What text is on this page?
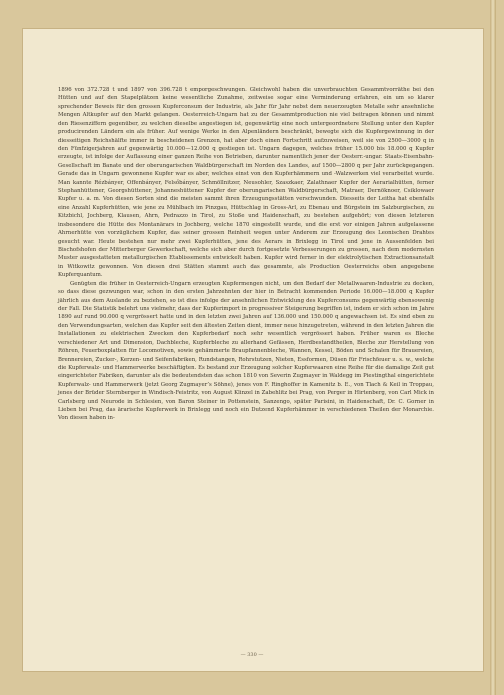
1896 von 372.728 t und 1897 von 396.728 t emporgeschwungen. Gleichwohl haben die unverbrauchten Gesammtvorräthe bei den Hütten und auf den Stapelplätzen keine wesentliche Zunahme, zeitweise sogar eine Verminderung erfahren, ein um so klarer sprechender Beweis für den grossen Kupferconsum der Industrie, als Jahr für Jahr nebst dem neuerzeugten Metalle sehr ansehnliche Mengen Altkupfer auf den Markt gelangen. Oesterreich-Ungarn hat zu der Gesammtproduction nie viel beitragen können und nimmt den Riesenziffern gegenüber, zu welchen dieselbe angestiegen ist, gegenwärtig eine noch untergeordnetere Stellung unter den Kupfer producirenden Ländern ein als früher. Auf wenige Werke in den Alpenländern beschränkt, bewegte sich die Kupfergewinnung in der diesseitigen Reichshälfte immer in bescheidenen Grenzen, hat aber doch einen Fortschritt aufzuweisen, weil sie von 2500—3000 q in den Fünfzigerjahren auf gegenwärtig 10.000—12.000 q gestiegen ist. Ungarn dagegen, welches früher 15.000 bis 18.000 q Kupfer erzeugte, ist infolge der Auflassung einer ganzen Reihe von Betrieben, darunter namentlich jener der Oesterr.-ungar. Staats-Eisenbahn-Gesellschaft im Banate und der oberungarischen Waldbürgerschaft im Norden des Landes, auf 1500—2800 q per Jahr zurückgegangen. Gerade das in Ungarn gewonnene Kupfer war es aber, welches einst von den Kupferhämmern und -Walzwerken viel verarbeitet wurde. Man kannte Rézbányer, Offenbányer, Felsőbányer, Schmöllnitzer, Neusohler, Szaszkaer, Zalathnaer Kupfer der Aerarialhütten, ferner Stephanhüttener, Georgshüttener, Johanneshüttener Kupfer der oberungarischen Waldbürgerschaft, Matraer, Dernöknoer, Csiklowaer Kupfer u. a. m. Von diesen Sorten sind die meisten sammt ihren Erzeugungsstätten verschwunden. Diesseits der Leitha hat ebenfalls eine Anzahl Kupferhütten, wie jene zu Mühlbach im Pinzgau, Hüttschlag in Gross-Arl, zu Ebenau und Bürgstein im Salzburgischen, zu Kitzbichl, Jochberg, Klausen, Ahrn, Pedrazzo in Tirol, zu Stoße und Haidenschaft, zu bestehen aufgehört; von diesen letzteren insbesondere die Hütte des Montanärars in Jochberg, welche 1870 eingestellt wurde, und die erst vor einigen Jahren aufgelassene Ahrnerhütte von vorzüglichem Kupfer, das seiner grossen Reinheit wegen unter Anderem zur Erzeugung des Leonischen Drahtes gesucht war. Heute bestehen nur mehr zwei Kupferhütten, jene des Aerars in Brixlegg in Tirol und jene in Aussenfelden bei Bischofshofen der Mitterberger Gewerkschaft, welche sich aber durch fortgesetzte Verbesserungen zu grossen, nach dem modernsten Muster ausgestatteten metallurgischen Etablissements entwickelt haben. Kupfer wird ferner in der elektrolytischen Extractionsanstalt in Witkowitz gewonnen. Von diesen drei Stätten stammt auch das gesammte, als Production Oesterreichs oben angegebene Kupferquantum.

Genügten die früher in Oesterreich-Ungarn erzeugten Kupfermengen nicht, um den Bedarf der Metallwaaren-Industrie zu decken, so dass diese gezwungen war, schon in den ersten Jahrzehnten der hier in Betracht kommenden Periode 16.000—18.000 q Kupfer jährlich aus dem Auslande zu beziehen, so ist dies infolge der ansehnlichen Entwicklung des Kupferconsums gegenwärtig ebensowenig der Fall. Die Statistik belehrt uns vielmehr, dass der Kupferimport in progressiver Steigerung begriffen ist, indem er sich schon im Jahre 1890 auf rund 90.000 q vergrössert hatte und in den letzten zwei Jahren auf 136.000 und 150.000 q angewachsen ist. Es sind eben zu den Verwendungsarten, welchen das Kupfer seit den ältesten Zeiten dient, immer neue hinzugetreten, während in den letzten Jahren die Installationen zu elektrischen Zwecken den Kupferbedarf noch sehr wesentlich vergrössert haben. Früher waren es Bleche verschiedener Art und Dimension, Dachbleche, Kupferbleche zu allerhand Gefässen, Herdbestandtheilen, Bleche zur Herstellung von Röhren, Feuerboxplatten für Locomotiven, sowie gehämmerte Braupfannenbleche, Wannen, Kessel, Böden und Schalen für Brauereien, Brennereien, Zucker-, Kerzen- und Seifenfabriken, Rundstangen, Rohrstutzen, Nieten, Essformen, Düsen für Frischfeuer u. s. w., welche die Kupferwalz- und Hammerwerke beschäftigten. Es bestand zur Erzeugung solcher Kupferwaaren eine Reihe für die damalige Zeit gut eingerichteter Fabriken, darunter als die bedeutendsten das schon 1810 von Severin Zugmayer in Waldegg im Piestingthal eingerichtete Kupferwalz- und Hammerwerk (jetzt Georg Zugmayer’s Söhne), jenes von F. Ringhoffer in Kamenitz b. E., von Tlach & Keil in Troppau, jenes der Brüder Sternberger in Windisch-Feistritz, von August Klinzel in Zabehlitz bei Prag, von Perger in Hirtenberg, von Carl Mick in Carlsberg und Neurode in Schlesien, von Baron Steiner in Pottenstein, Sanzengo, später Parisini, in Haidenschaft, Dr. C. Gorner in Lieben bei Prag, das ärarische Kupferwerk in Brixlegg und noch ein Dutzend Kupferhämmer in verschiedenen Theilen der Monarchie. Von diesen haben in-

— 330 —
